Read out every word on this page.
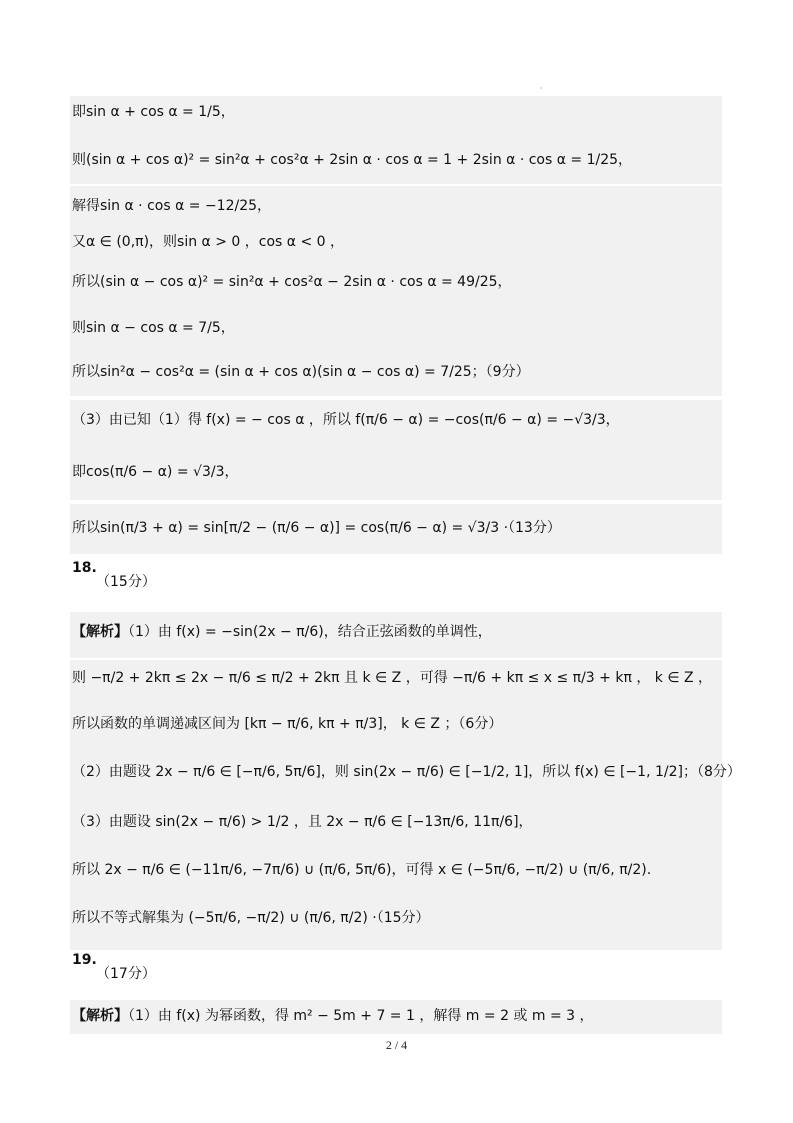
'
即sin α + cos α = 1/5，
则(sin α + cos α)² = sin²α + cos²α + 2sin α · cos α = 1 + 2sin α · cos α = 1/25，
解得sin α · cos α = −12/25，
又α ∈ (0,π)，则sin α > 0 ，cos α < 0 ，
所以(sin α − cos α)² = sin²α + cos²α − 2sin α · cos α = 49/25，
则sin α − cos α = 7/5，
所以sin²α − cos²α = (sin α + cos α)(sin α − cos α) = 7/25；（9分）
（3）由已知（1）得 f(x) = − cos α ，所以 f(π/6 − α) = −cos(π/6 − α) = −√3/3，
即cos(π/6 − α) = √3/3，
所以sin(π/3 + α) = sin[π/2 − (π/6 − α)] = cos(π/6 − α) = √3/3 ·（13分）
18.
（15分）
【解析】（1）由 f(x) = −sin(2x − π/6)，结合正弦函数的单调性，
则 −π/2 + 2kπ ≤ 2x − π/6 ≤ π/2 + 2kπ 且 k ∈ Z ，可得 −π/6 + kπ ≤ x ≤ π/3 + kπ ， k ∈ Z ，
所以函数的单调递减区间为 [kπ − π/6, kπ + π/3]， k ∈ Z ；（6分）
（2）由题设 2x − π/6 ∈ [−π/6, 5π/6]，则 sin(2x − π/6) ∈ [−1/2, 1]，所以 f(x) ∈ [−1, 1/2]；（8分）
（3）由题设 sin(2x − π/6) > 1/2 ，且 2x − π/6 ∈ [−13π/6, 11π/6]，
所以 2x − π/6 ∈ (−11π/6, −7π/6) ∪ (π/6, 5π/6)，可得 x ∈ (−5π/6, −π/2) ∪ (π/6, π/2).
所以不等式解集为 (−5π/6, −π/2) ∪ (π/6, π/2) ·（15分）
19.
（17分）
【解析】（1）由 f(x) 为幂函数，得 m² − 5m + 7 = 1 ，解得 m = 2 或 m = 3 ，
2 / 4
